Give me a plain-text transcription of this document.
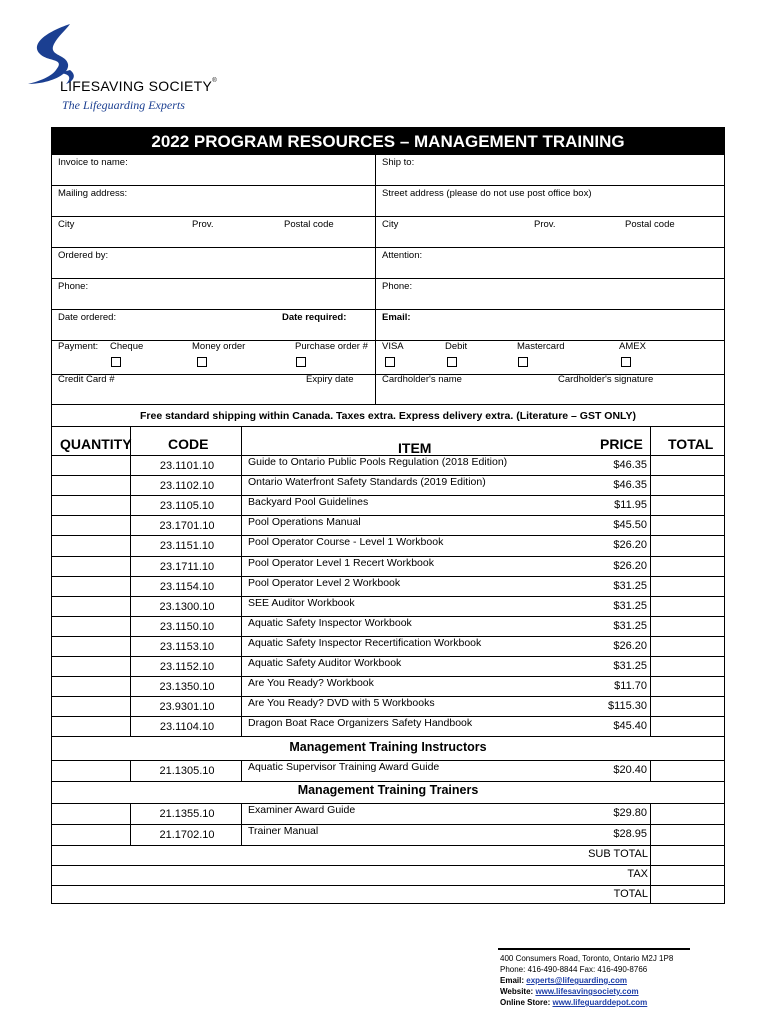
LIFESAVING SOCIETY®
The Lifeguarding Experts
2022 PROGRAM RESOURCES – MANAGEMENT TRAINING
Invoice to name:	Ship to:
Mailing address:	Street address (please do not use post office box)
City	Prov.	Postal code	City	Prov.	Postal code
Ordered by:	Attention:
Phone:	Phone:
Date ordered:	Date required:	Email:
Payment: Cheque	Money order	Purchase order # VISA	Debit	Mastercard	AMEX
Credit Card #	Expiry date	Cardholder's name	Cardholder's signature
Free standard shipping within Canada. Taxes extra. Express delivery extra. (Literature – GST ONLY)
QUANTITY	CODE	ITEM	PRICE TOTAL
23.1101.10	Guide to Ontario Public Pools Regulation (2018 Edition)	$46.35
23.1102.10	Ontario Waterfront Safety Standards (2019 Edition)	$46.35
23.1105.10	Backyard Pool Guidelines	$11.95
23.1701.10	Pool Operations Manual	$45.50
23.1151.10	Pool Operator Course - Level 1 Workbook	$26.20
23.1711.10	Pool Operator Level 1 Recert Workbook	$26.20
23.1154.10	Pool Operator Level 2 Workbook	$31.25
23.1300.10	SEE Auditor Workbook	$31.25
23.1150.10	Aquatic Safety Inspector Workbook	$31.25
23.1153.10	Aquatic Safety Inspector Recertification Workbook	$26.20
23.1152.10	Aquatic Safety Auditor Workbook	$31.25
23.1350.10	Are You Ready? Workbook	$11.70
23.9301.10	Are You Ready? DVD with 5 Workbooks	$115.30
23.1104.10	Dragon Boat Race Organizers Safety Handbook	$45.40
Management Training Instructors
21.1305.10	Aquatic Supervisor Training Award Guide	$20.40
Management Training Trainers
21.1355.10	Examiner Award Guide	$29.80
21.1702.10	Trainer Manual	$28.95
SUB TOTAL
TAX
TOTAL
400 Consumers Road, Toronto, Ontario M2J 1P8
Phone: 416-490-8844 Fax: 416-490-8766
Email: experts@lifeguarding.com
Website: www.lifesavingsociety.com
Online Store: www.lifeguarddepot.com
